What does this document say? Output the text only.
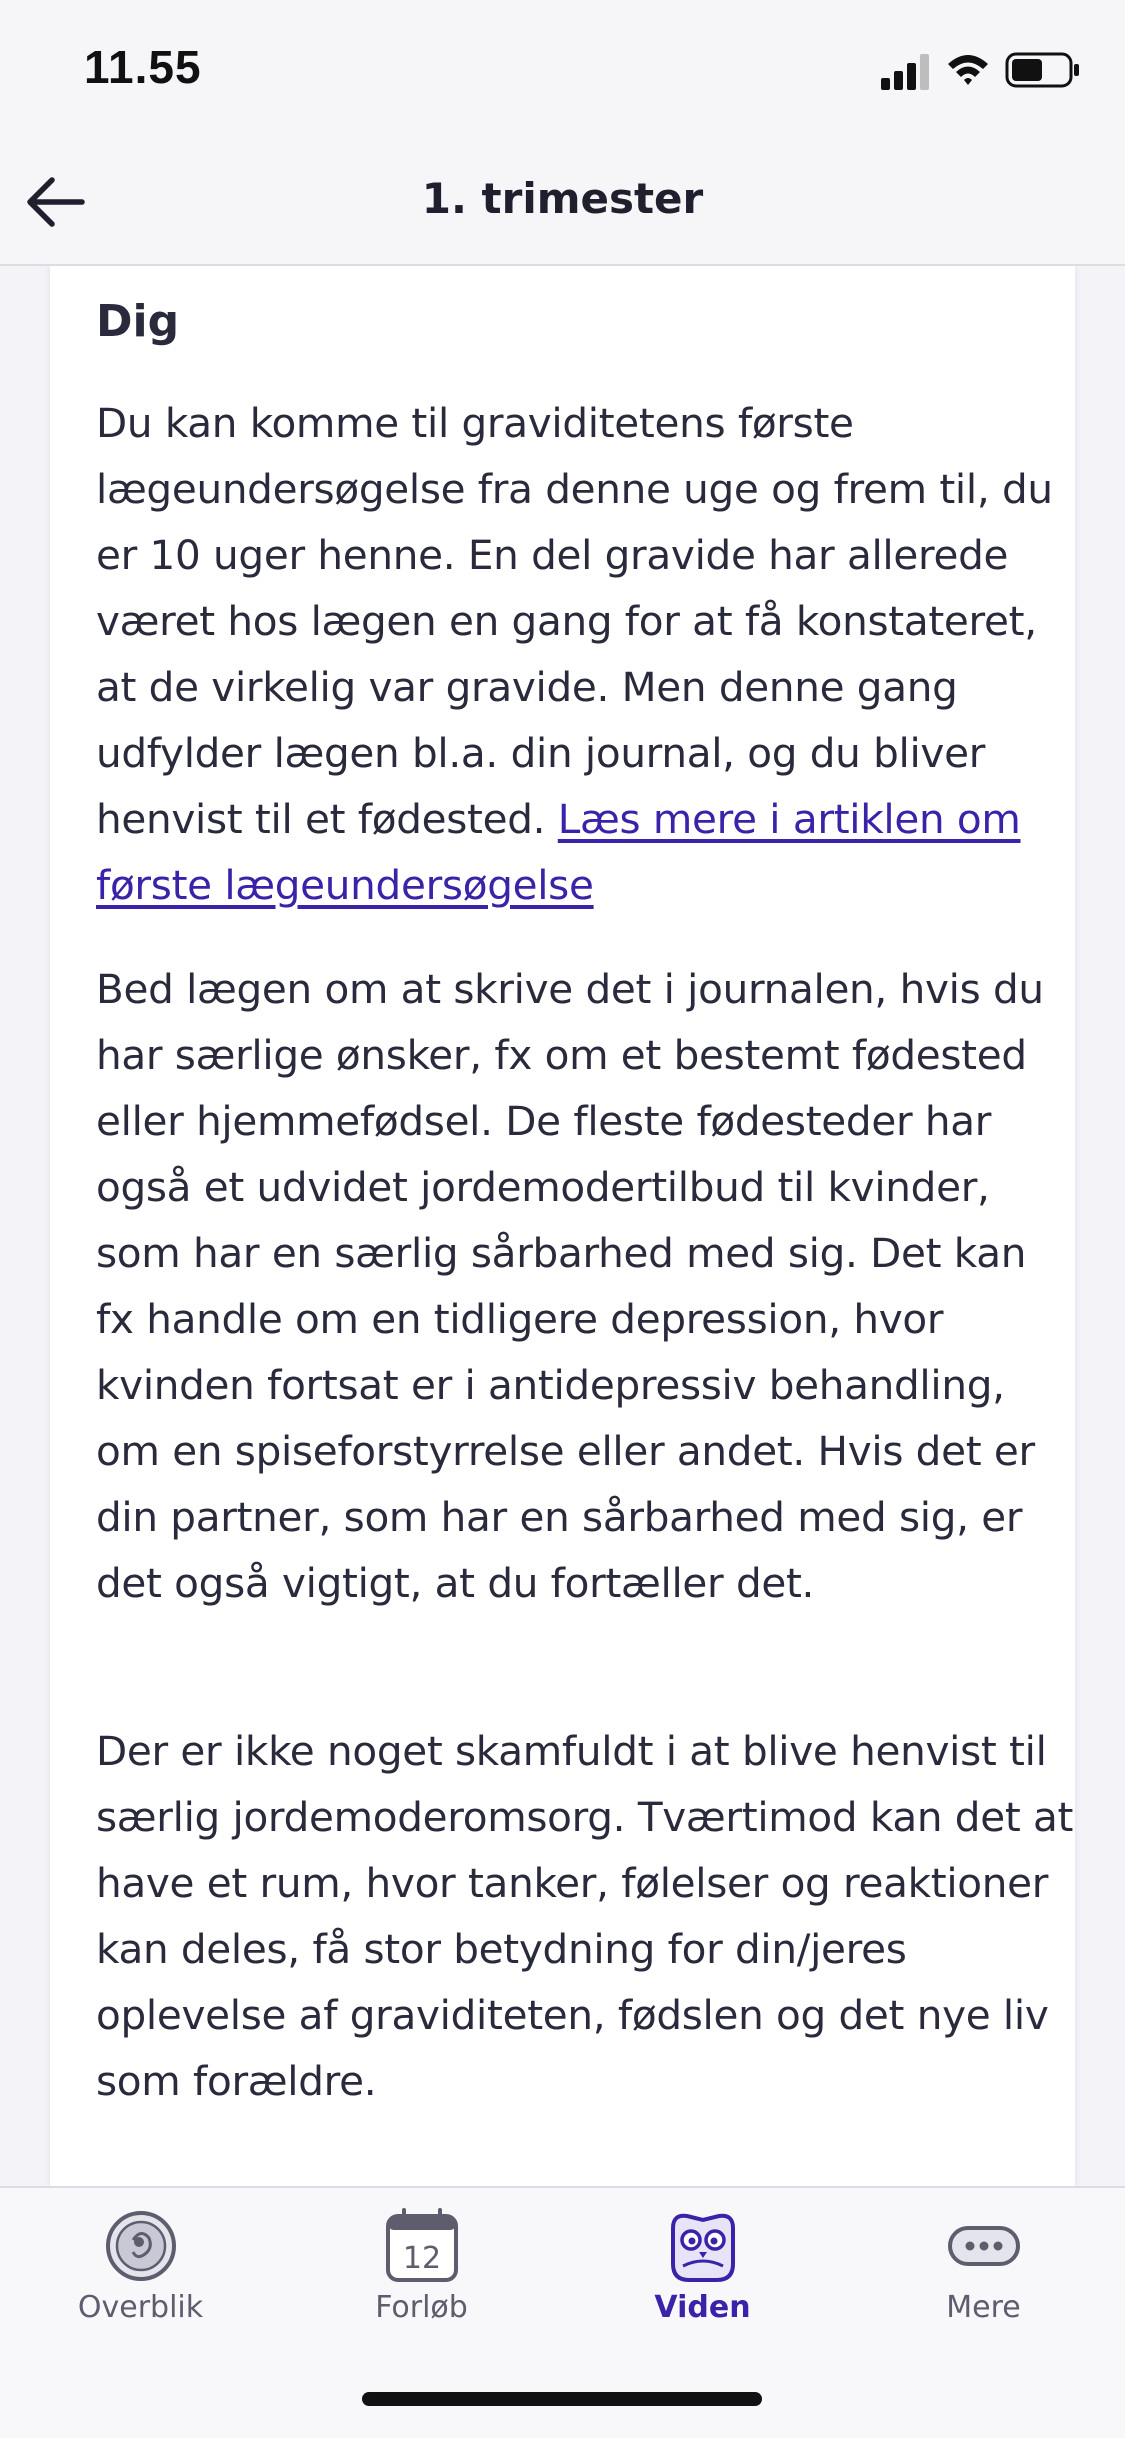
11.55
1. trimester
Dig

Du kan komme til graviditetens første lægeundersøgelse fra denne uge og frem til, du er 10 uger henne. En del gravide har allerede været hos lægen en gang for at få konstateret, at de virkelig var gravide. Men denne gang udfylder lægen bl.a. din journal, og du bliver henvist til et fødested. Læs mere i artiklen om første lægeundersøgelse

Bed lægen om at skrive det i journalen, hvis du har særlige ønsker, fx om et bestemt fødested eller hjemmefødsel. De fleste fødesteder har også et udvidet jordemodertilbud til kvinder, som har en særlig sårbarhed med sig. Det kan fx handle om en tidligere depression, hvor kvinden fortsat er i antidepressiv behandling, om en spiseforstyrrelse eller andet. Hvis det er din partner, som har en sårbarhed med sig, er det også vigtigt, at du fortæller det.

Der er ikke noget skamfuldt i at blive henvist til særlig jordemoderomsorg. Tværtimod kan det at have et rum, hvor tanker, følelser og reaktioner kan deles, få stor betydning for din/jeres oplevelse af graviditeten, fødslen og det nye liv som forældre.

Overblik
12
Forløb	Viden	Mere
